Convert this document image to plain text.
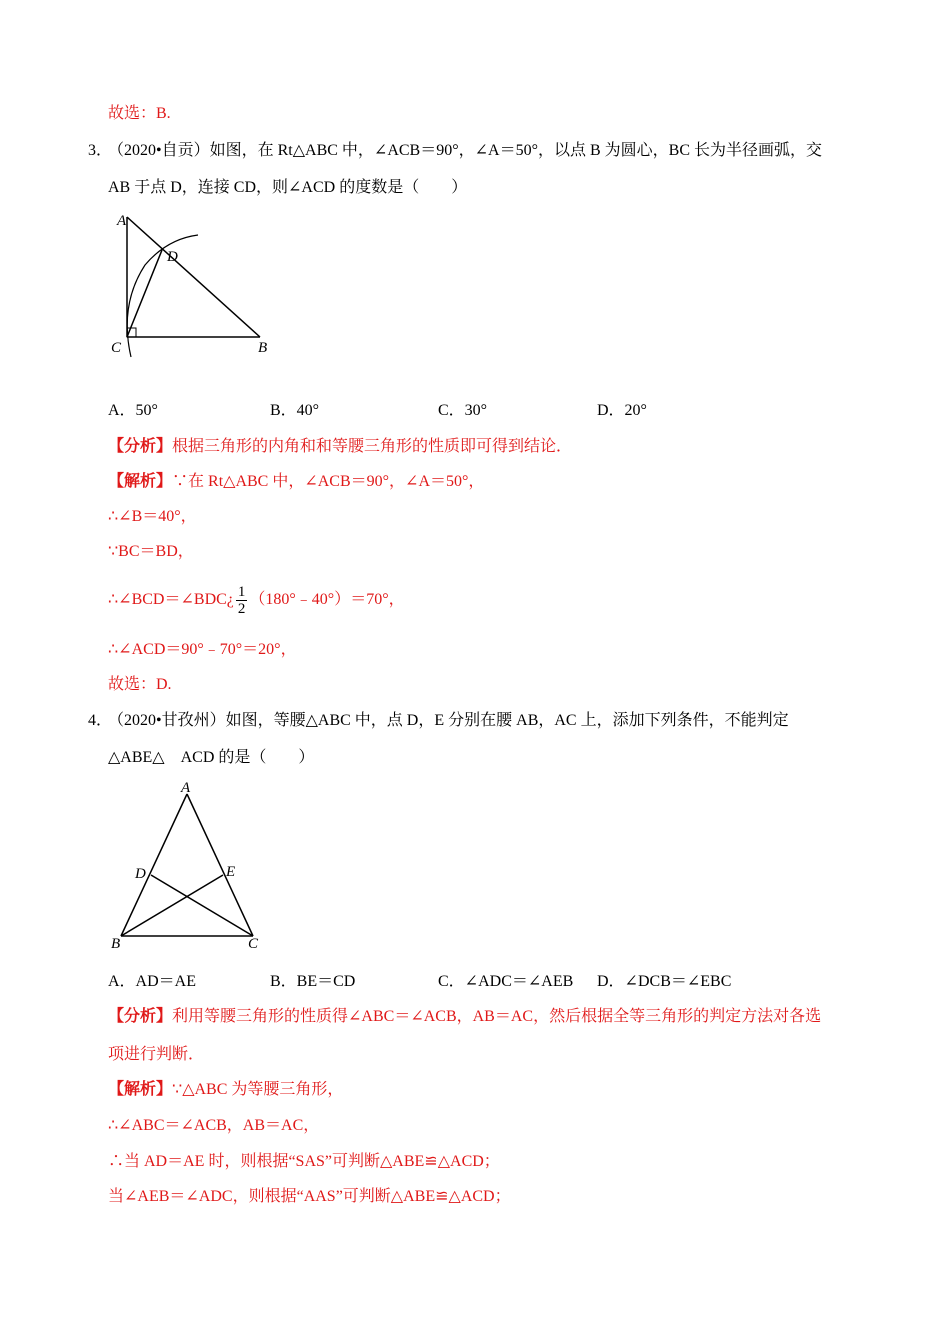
故选：B.
3．
（2020•自贡）如图，在 Rt△ABC 中，∠ACB＝90°，∠A＝50°，以点 B 为圆心，BC 长为半径画弧，交
AB 于点 D，连接 CD，则∠ACD 的度数是（　　）
A
D
C	B
A．50°	B．40°	C．30°	D．20°
【分析】根据三角形的内角和和等腰三角形的性质即可得到结论．
【解析】∵在 Rt△ABC 中，∠ACB＝90°，∠A＝50°，
∴∠B＝40°，
∵BC＝BD，
∴∠BCD＝∠BDC¿ $\frac{1}{2}$ （180°﹣40°）＝70°，
∴∠ACD＝90°﹣70°＝20°，
故选：D.
4．
（2020•甘孜州）如图，等腰△ABC 中，点 D，E 分别在腰 AB，AC 上，添加下列条件，不能判定
△ABE△　ACD 的是（　　）
A
D	E
B	C
A．AD＝AE	B．BE＝CD	C．∠ADC＝∠AEB D．∠DCB＝∠EBC
【分析】利用等腰三角形的性质得∠ABC＝∠ACB，AB＝AC，然后根据全等三角形的判定方法对各选
项进行判断．
【解析】∵△ABC 为等腰三角形，
∴∠ABC＝∠ACB，AB＝AC，
∴当 AD＝AE 时，则根据“SAS”可判断△ABE≌△ACD；
当∠AEB＝∠ADC，则根据“AAS”可判断△ABE≌△ACD；
